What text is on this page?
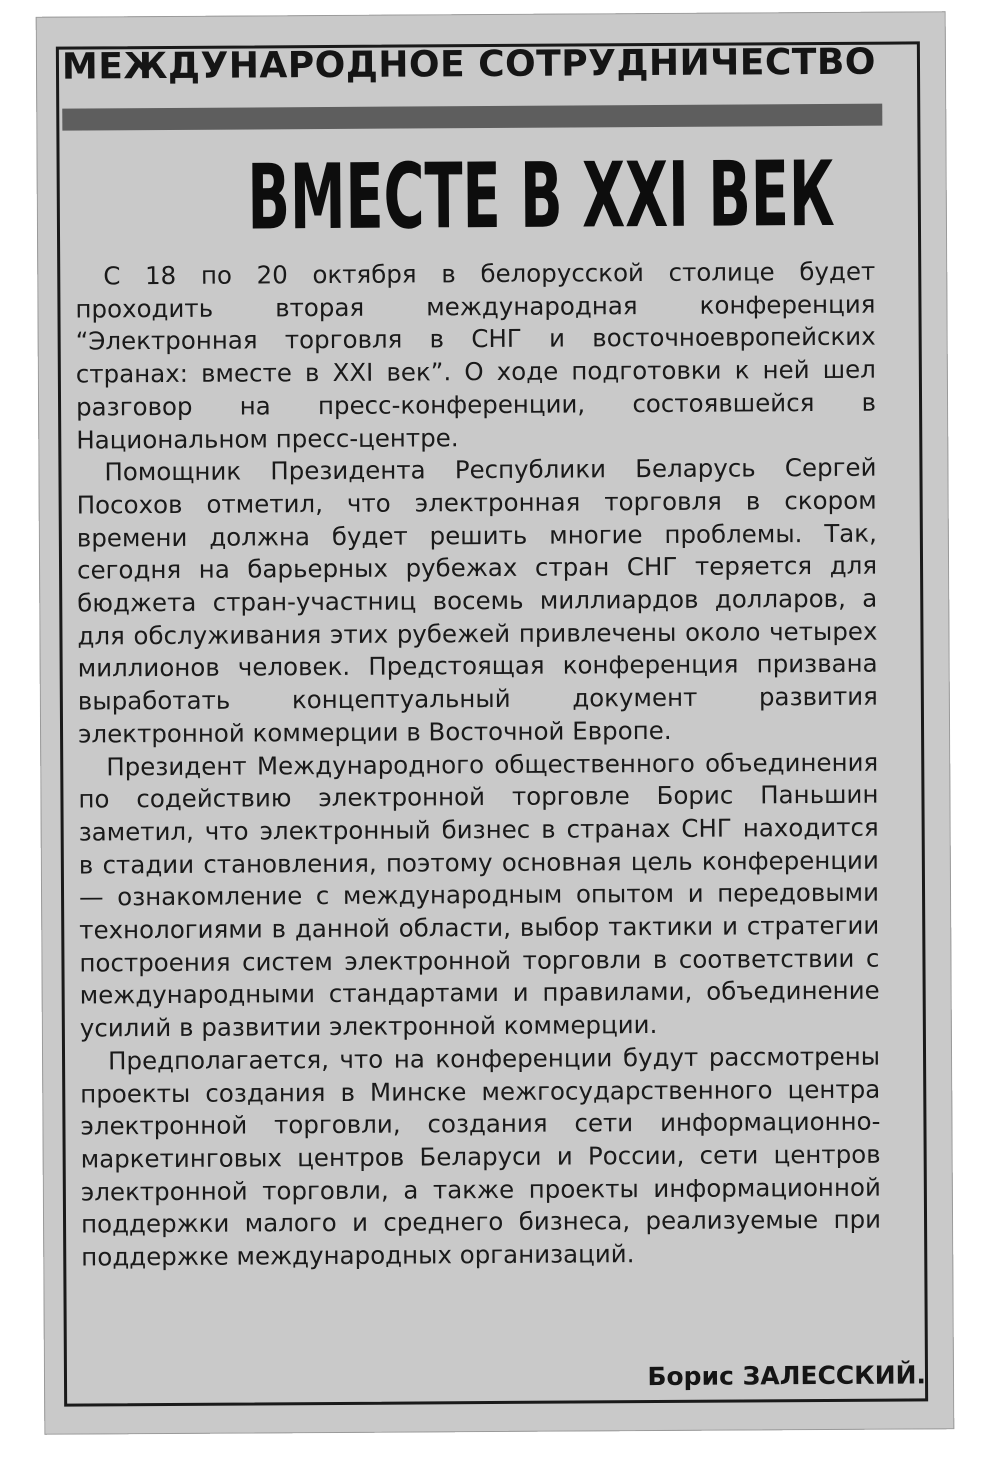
МЕЖДУНАРОДНОЕ СОТРУДНИЧЕСТВО
ВМЕСТЕ В XXI ВЕК

С 18 по 20 октября в белорусской столице будет проходить вторая международная конференция “Электронная торговля в СНГ и восточноевропейских странах: вместе в XXI век”. О ходе подготовки к ней шел разговор на пресс-конференции, состоявшейся в Национальном пресс-центре.

Помощник Президента Республики Беларусь Сергей Посохов отметил, что электронная торговля в скором времени должна будет решить многие проблемы. Так, сегодня на барьерных рубежах стран СНГ теряется для бюджета стран-участниц восемь миллиардов долларов, а для обслуживания этих рубежей привлечены около четырех миллионов человек. Предстоящая конференция призвана выработать концептуальный документ развития электронной коммерции в Восточной Европе.

Президент Международного общественного объединения по содействию электронной торговле Борис Паньшин заметил, что электронный бизнес в странах СНГ находится в стадии становления, поэтому основная цель конференции — ознакомление с международным опытом и передовыми технологиями в данной области, выбор тактики и стратегии построения систем электронной торговли в соответствии с международными стандартами и правилами, объединение усилий в развитии электронной коммерции.

Предполагается, что на конференции будут рассмотрены проекты создания в Минске межгосударственного центра электронной торговли, создания сети информационно-маркетинговых центров Беларуси и России, сети центров электронной торговли, а также проекты информационной поддержки малого и среднего бизнеса, реализуемые при поддержке международных организаций.

Борис ЗАЛЕССКИЙ.
